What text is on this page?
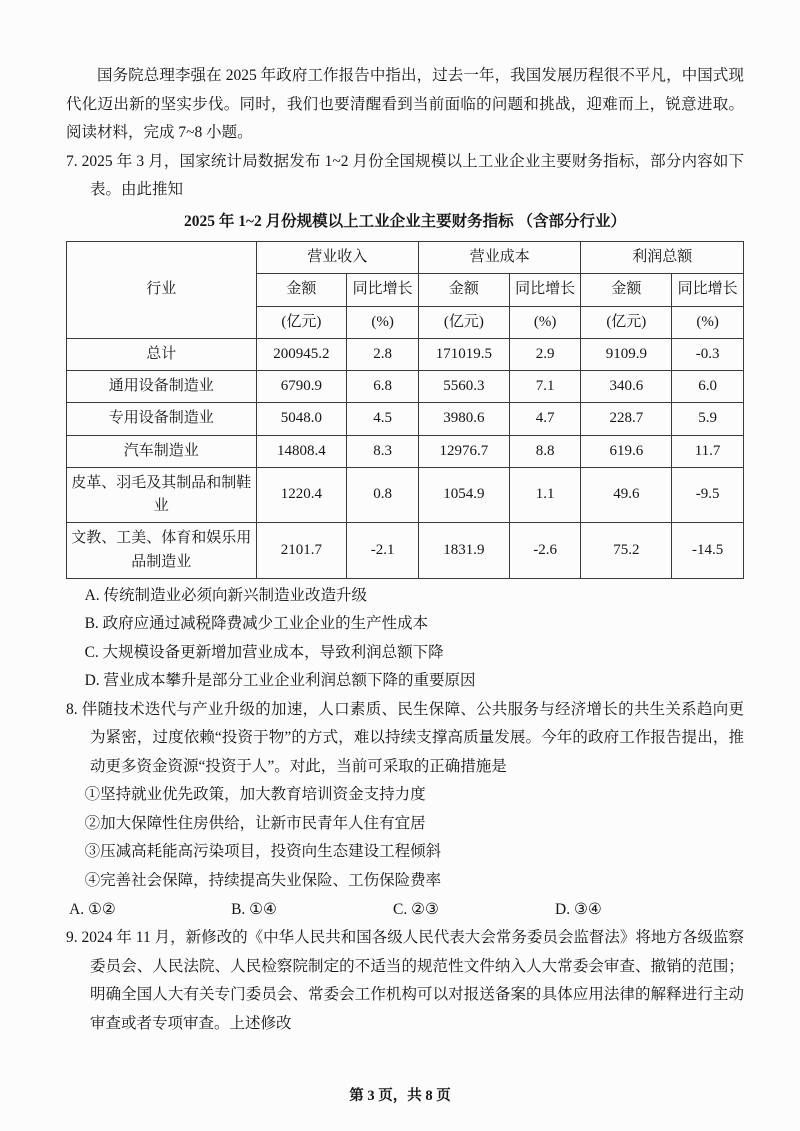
国务院总理李强在 2025 年政府工作报告中指出，过去一年，我国发展历程很不平凡，中国式现代化迈出新的坚实步伐。同时，我们也要清醒看到当前面临的问题和挑战，迎难而上，锐意进取。阅读材料，完成 7~8 小题。

7. 2025 年 3 月，国家统计局数据发布 1~2 月份全国规模以上工业企业主要财务指标，部分内容如下表。由此推知

2025 年 1~2 月份规模以上工业企业主要财务指标 （含部分行业）

行业	营业收入		营业成本		利润总额	
	金额	同比增长	金额	同比增长	金额	同比增长
	(亿元)	(%)	(亿元)	(%)	(亿元)	(%)
总计	200945.2	2.8	171019.5	2.9	9109.9	-0.3
通用设备制造业	6790.9	6.8	5560.3	7.1	340.6	6.0
专用设备制造业	5048.0	4.5	3980.6	4.7	228.7	5.9
汽车制造业	14808.4	8.3	12976.7	8.8	619.6	11.7
皮革、羽毛及其制品和制鞋业	1220.4	0.8	1054.9	1.1	49.6	-9.5
文教、工美、体育和娱乐用品制造业	2101.7	-2.1	1831.9	-2.6	75.2	-14.5

A. 传统制造业必须向新兴制造业改造升级

B. 政府应通过减税降费减少工业企业的生产性成本

C. 大规模设备更新增加营业成本，导致利润总额下降

D. 营业成本攀升是部分工业企业利润总额下降的重要原因

8. 伴随技术迭代与产业升级的加速，人口素质、民生保障、公共服务与经济增长的共生关系趋向更为紧密，过度依赖“投资于物”的方式，难以持续支撑高质量发展。今年的政府工作报告提出，推动更多资金资源“投资于人”。对此，当前可采取的正确措施是

①坚持就业优先政策，加大教育培训资金支持力度

②加大保障性住房供给，让新市民青年人住有宜居

③压减高耗能高污染项目，投资向生态建设工程倾斜

④完善社会保障，持续提高失业保险、工伤保险费率

A. ①②	B. ①④	C. ②③	D. ③④

9. 2024 年 11 月，新修改的《中华人民共和国各级人民代表大会常务委员会监督法》将地方各级监察委员会、人民法院、人民检察院制定的不适当的规范性文件纳入人大常委会审查、撤销的范围；明确全国人大有关专门委员会、常委会工作机构可以对报送备案的具体应用法律的解释进行主动审查或者专项审查。上述修改

第 3 页，共 8 页
